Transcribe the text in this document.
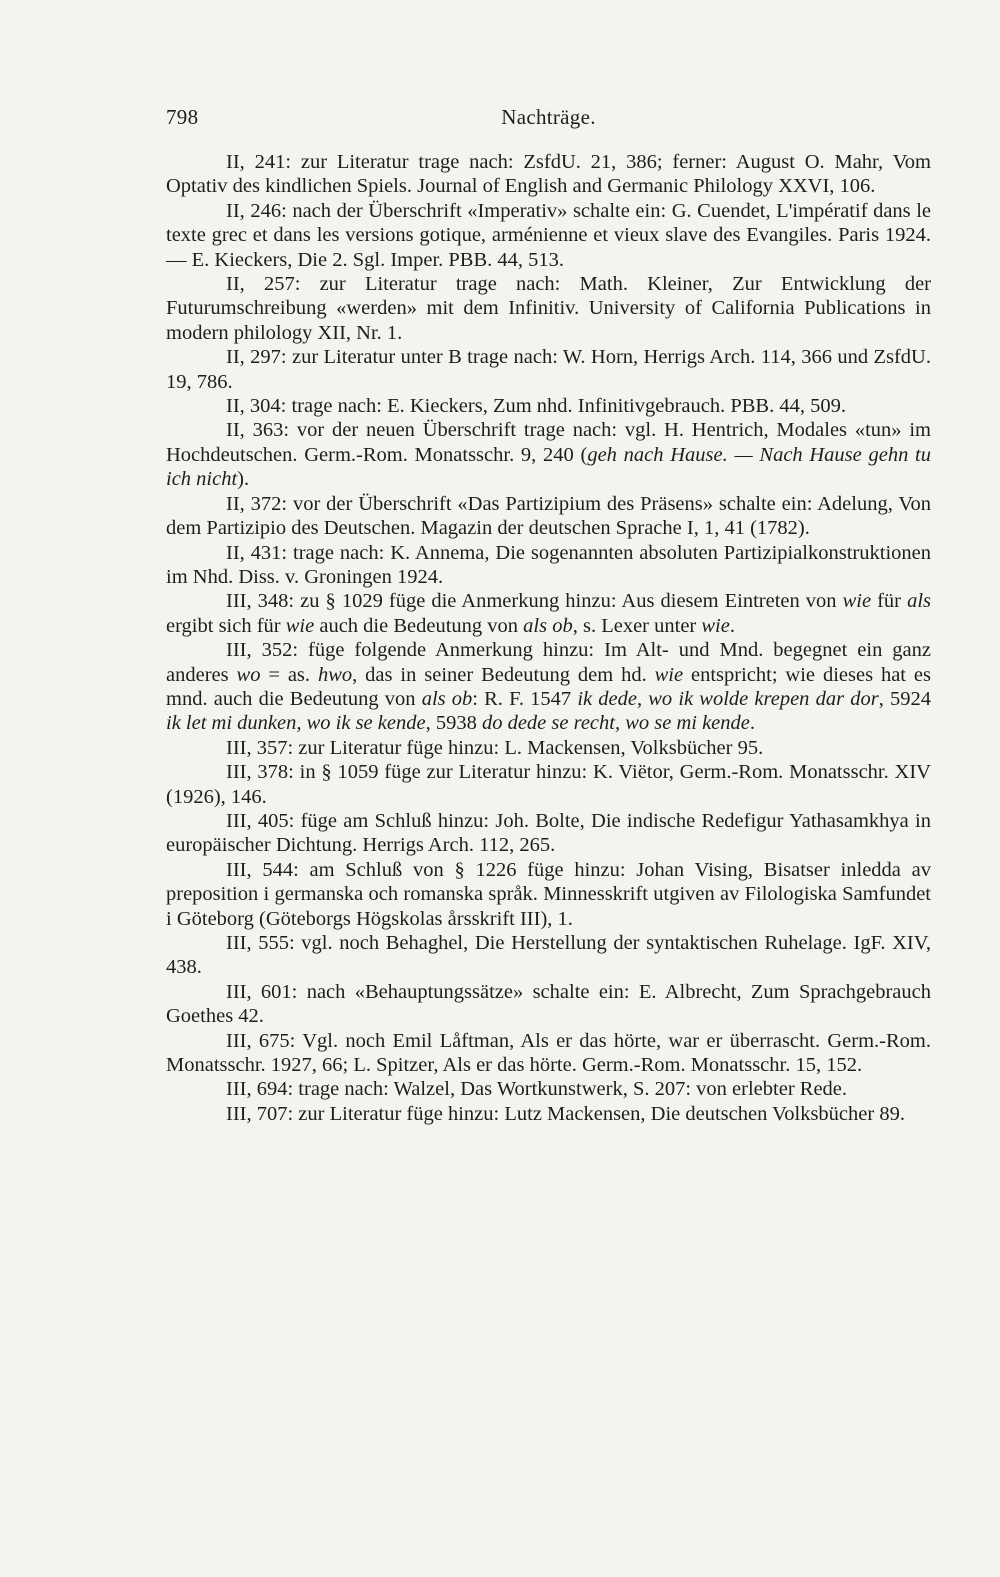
798	Nachträge.

II, 241: zur Literatur trage nach: ZsfdU. 21, 386; ferner: August O. Mahr, Vom Optativ des kindlichen Spiels. Journal of English and Germanic Philology XXVI, 106.

II, 246: nach der Überschrift «Imperativ» schalte ein: G. Cuendet, L'impératif dans le texte grec et dans les versions gotique, arménienne et vieux slave des Evangiles. Paris 1924. — E. Kieckers, Die 2. Sgl. Imper. PBB. 44, 513.

II, 257: zur Literatur trage nach: Math. Kleiner, Zur Entwicklung der Futurumschreibung «werden» mit dem Infinitiv. University of California Publications in modern philology XII, Nr. 1.

II, 297: zur Literatur unter B trage nach: W. Horn, Herrigs Arch. 114, 366 und ZsfdU. 19, 786.

II, 304: trage nach: E. Kieckers, Zum nhd. Infinitivgebrauch. PBB. 44, 509.

II, 363: vor der neuen Überschrift trage nach: vgl. H. Hentrich, Modales «tun» im Hochdeutschen. Germ.-Rom. Monatsschr. 9, 240 (geh nach Hause. — Nach Hause gehn tu ich nicht).

II, 372: vor der Überschrift «Das Partizipium des Präsens» schalte ein: Adelung, Von dem Partizipio des Deutschen. Magazin der deutschen Sprache I, 1, 41 (1782).

II, 431: trage nach: K. Annema, Die sogenannten absoluten Partizipialkonstruktionen im Nhd. Diss. v. Groningen 1924.

III, 348: zu § 1029 füge die Anmerkung hinzu: Aus diesem Eintreten von wie für als ergibt sich für wie auch die Bedeutung von als ob, s. Lexer unter wie.

III, 352: füge folgende Anmerkung hinzu: Im Alt- und Mnd. begegnet ein ganz anderes wo = as. hwo, das in seiner Bedeutung dem hd. wie entspricht; wie dieses hat es mnd. auch die Bedeutung von als ob: R. F. 1547 ik dede, wo ik wolde krepen dar dor, 5924 ik let mi dunken, wo ik se kende, 5938 do dede se recht, wo se mi kende.

III, 357: zur Literatur füge hinzu: L. Mackensen, Volksbücher 95.

III, 378: in § 1059 füge zur Literatur hinzu: K. Viëtor, Germ.-Rom. Monatsschr. XIV (1926), 146.

III, 405: füge am Schluß hinzu: Joh. Bolte, Die indische Redefigur Yathasamkhya in europäischer Dichtung. Herrigs Arch. 112, 265.

III, 544: am Schluß von § 1226 füge hinzu: Johan Vising, Bisatser inledda av preposition i germanska och romanska språk. Minnesskrift utgiven av Filologiska Samfundet i Göteborg (Göteborgs Högskolas årsskrift III), 1.

III, 555: vgl. noch Behaghel, Die Herstellung der syntaktischen Ruhelage. IgF. XIV, 438.

III, 601: nach «Behauptungssätze» schalte ein: E. Albrecht, Zum Sprachgebrauch Goethes 42.

III, 675: Vgl. noch Emil Låftman, Als er das hörte, war er überrascht. Germ.-Rom. Monatsschr. 1927, 66; L. Spitzer, Als er das hörte. Germ.-Rom. Monatsschr. 15, 152.

III, 694: trage nach: Walzel, Das Wortkunstwerk, S. 207: von erlebter Rede.

III, 707: zur Literatur füge hinzu: Lutz Mackensen, Die deutschen Volksbücher 89.
